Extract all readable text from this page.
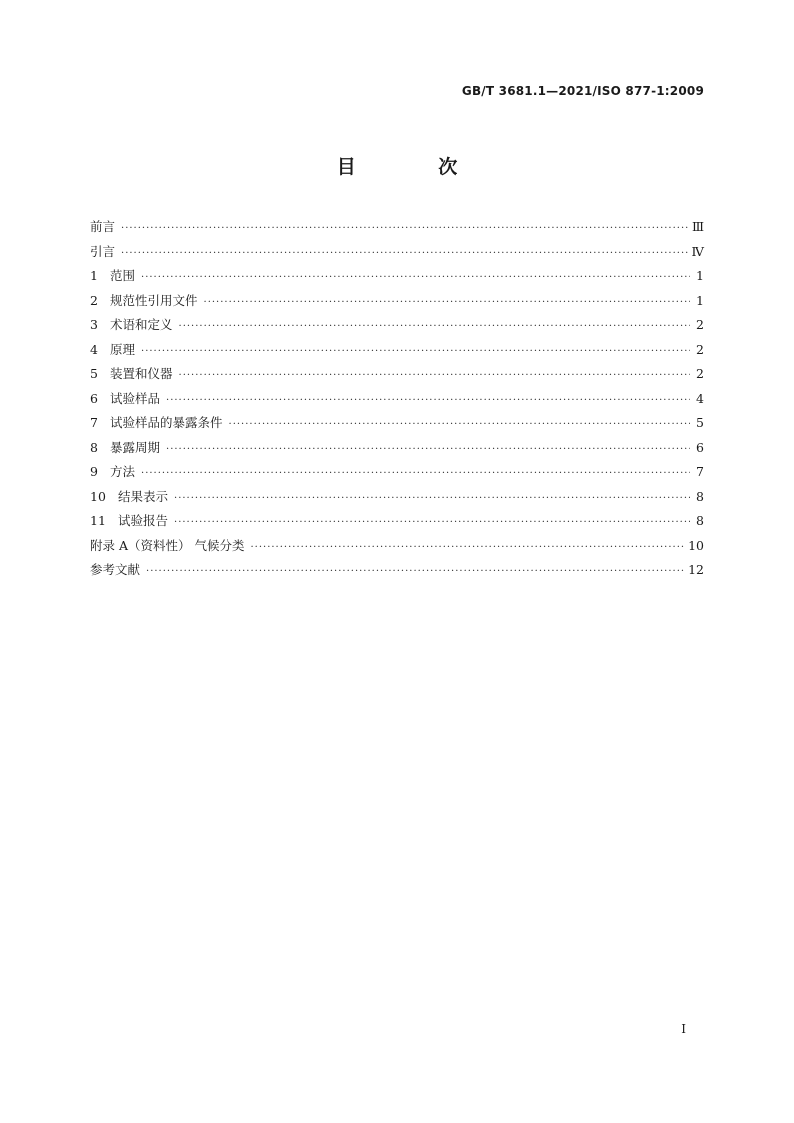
GB/T 3681.1—2021/ISO 877-1:2009
目 次
前言 ·····	Ⅲ
引言 ·····	Ⅳ
1 范围 ·····	1
2 规范性引用文件 ·····	1
3 术语和定义 ·····	2
4 原理 ·····	2
5 装置和仪器 ·····	2
6 试验样品 ·····	4
7 试验样品的暴露条件 ·····	5
8 暴露周期 ·····	6
9 方法 ·····	7
10 结果表示 ·····	8
11 试验报告 ·····	8
附录 A（资料性） 气候分类 ·····	10
参考文献 ·····	12
I
